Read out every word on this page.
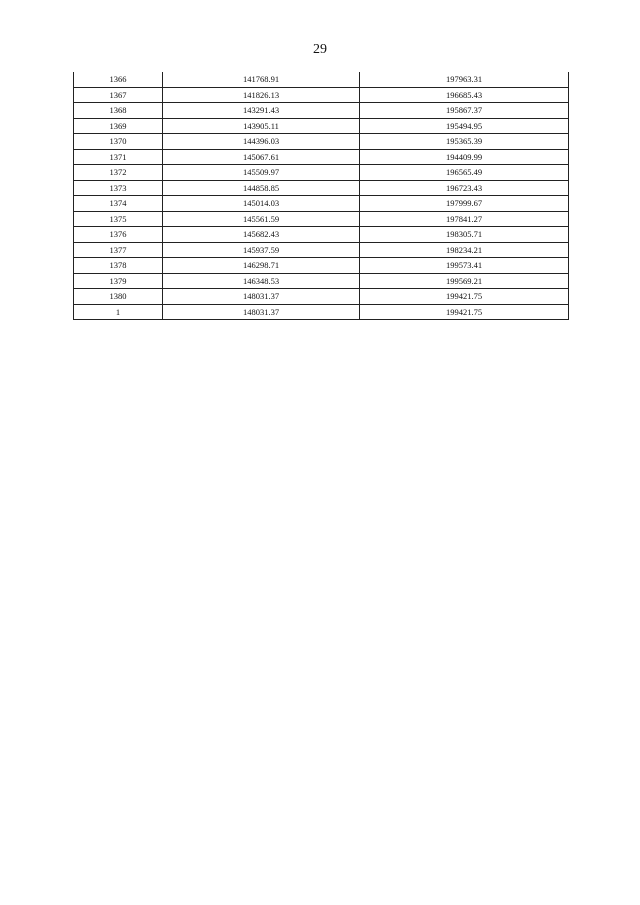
29
1366	141768.91	197963.31
1367	141826.13	196685.43
1368	143291.43	195867.37
1369	143905.11	195494.95
1370	144396.03	195365.39
1371	145067.61	194409.99
1372	145509.97	196565.49
1373	144858.85	196723.43
1374	145014.03	197999.67
1375	145561.59	197841.27
1376	145682.43	198305.71
1377	145937.59	198234.21
1378	146298.71	199573.41
1379	146348.53	199569.21
1380	148031.37	199421.75
1	148031.37	199421.75
